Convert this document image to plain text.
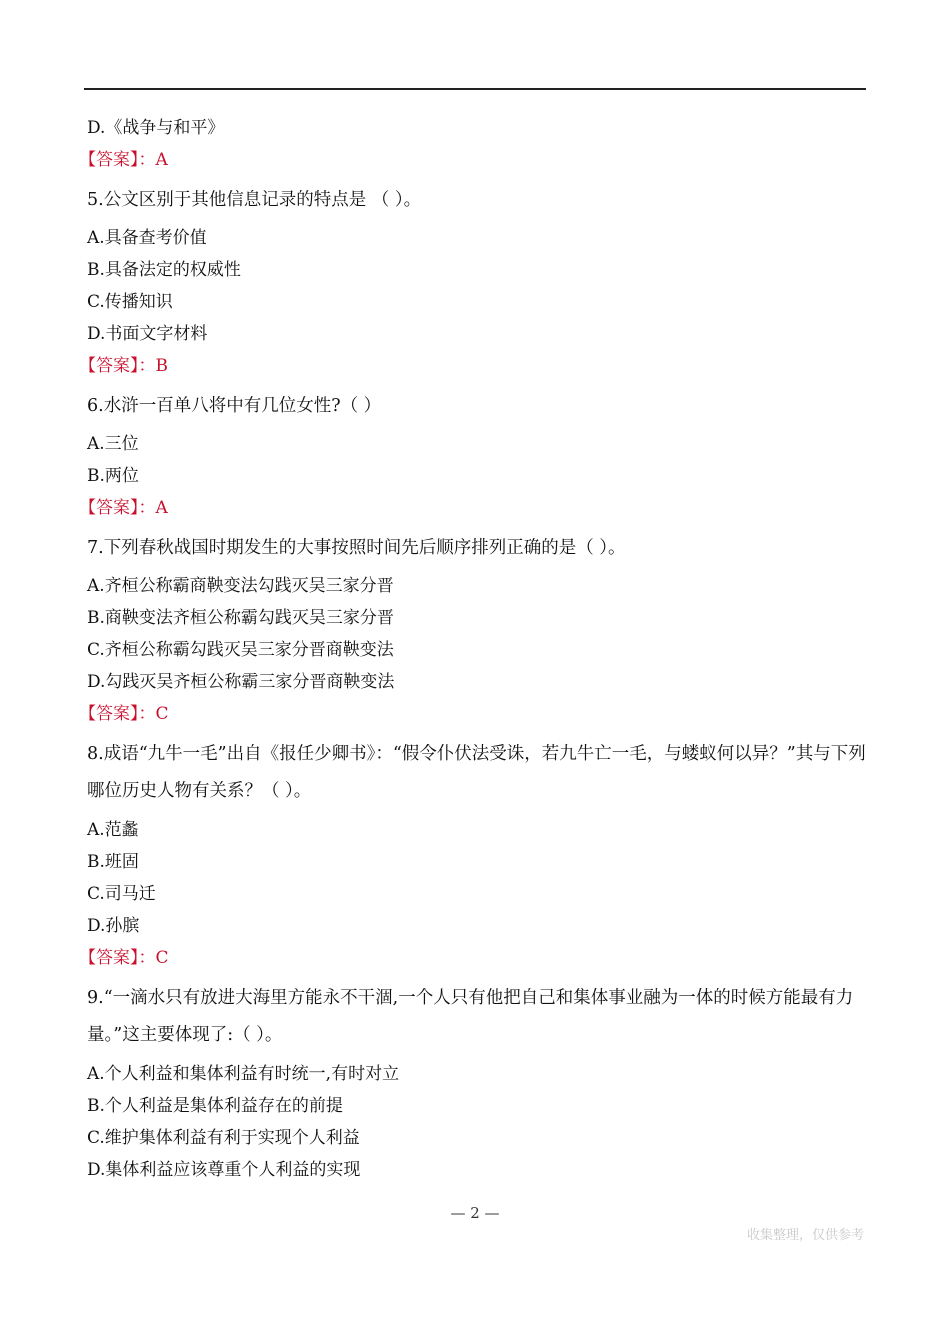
D.《战争与和平》
【答案】：A
5.公文区别于其他信息记录的特点是 （ ）。
A.具备查考价值
B.具备法定的权威性
C.传播知识
D.书面文字材料
【答案】：B
6.水浒一百单八将中有几位女性?（ ）
A.三位
B.两位
【答案】：A
7.下列春秋战国时期发生的大事按照时间先后顺序排列正确的是（ ）。
A.齐桓公称霸商鞅变法勾践灭吴三家分晋
B.商鞅变法齐桓公称霸勾践灭吴三家分晋
C.齐桓公称霸勾践灭吴三家分晋商鞅变法
D.勾践灭吴齐桓公称霸三家分晋商鞅变法
【答案】：C
8.成语“九牛一毛”出自《报任少卿书》：“假令仆伏法受诛，若九牛亡一毛，与蝼蚁何以异？”其与下列哪位历史人物有关系？（ ）。
A.范蠡
B.班固
C.司马迁
D.孙膑
【答案】：C
9.“一滴水只有放进大海里方能永不干涸,一个人只有他把自己和集体事业融为一体的时候方能最有力量。”这主要体现了:（ ）。
A.个人利益和集体利益有时统一,有时对立
B.个人利益是集体利益存在的前提
C.维护集体利益有利于实现个人利益
D.集体利益应该尊重个人利益的实现
— 2 —
收集整理，仅供参考
